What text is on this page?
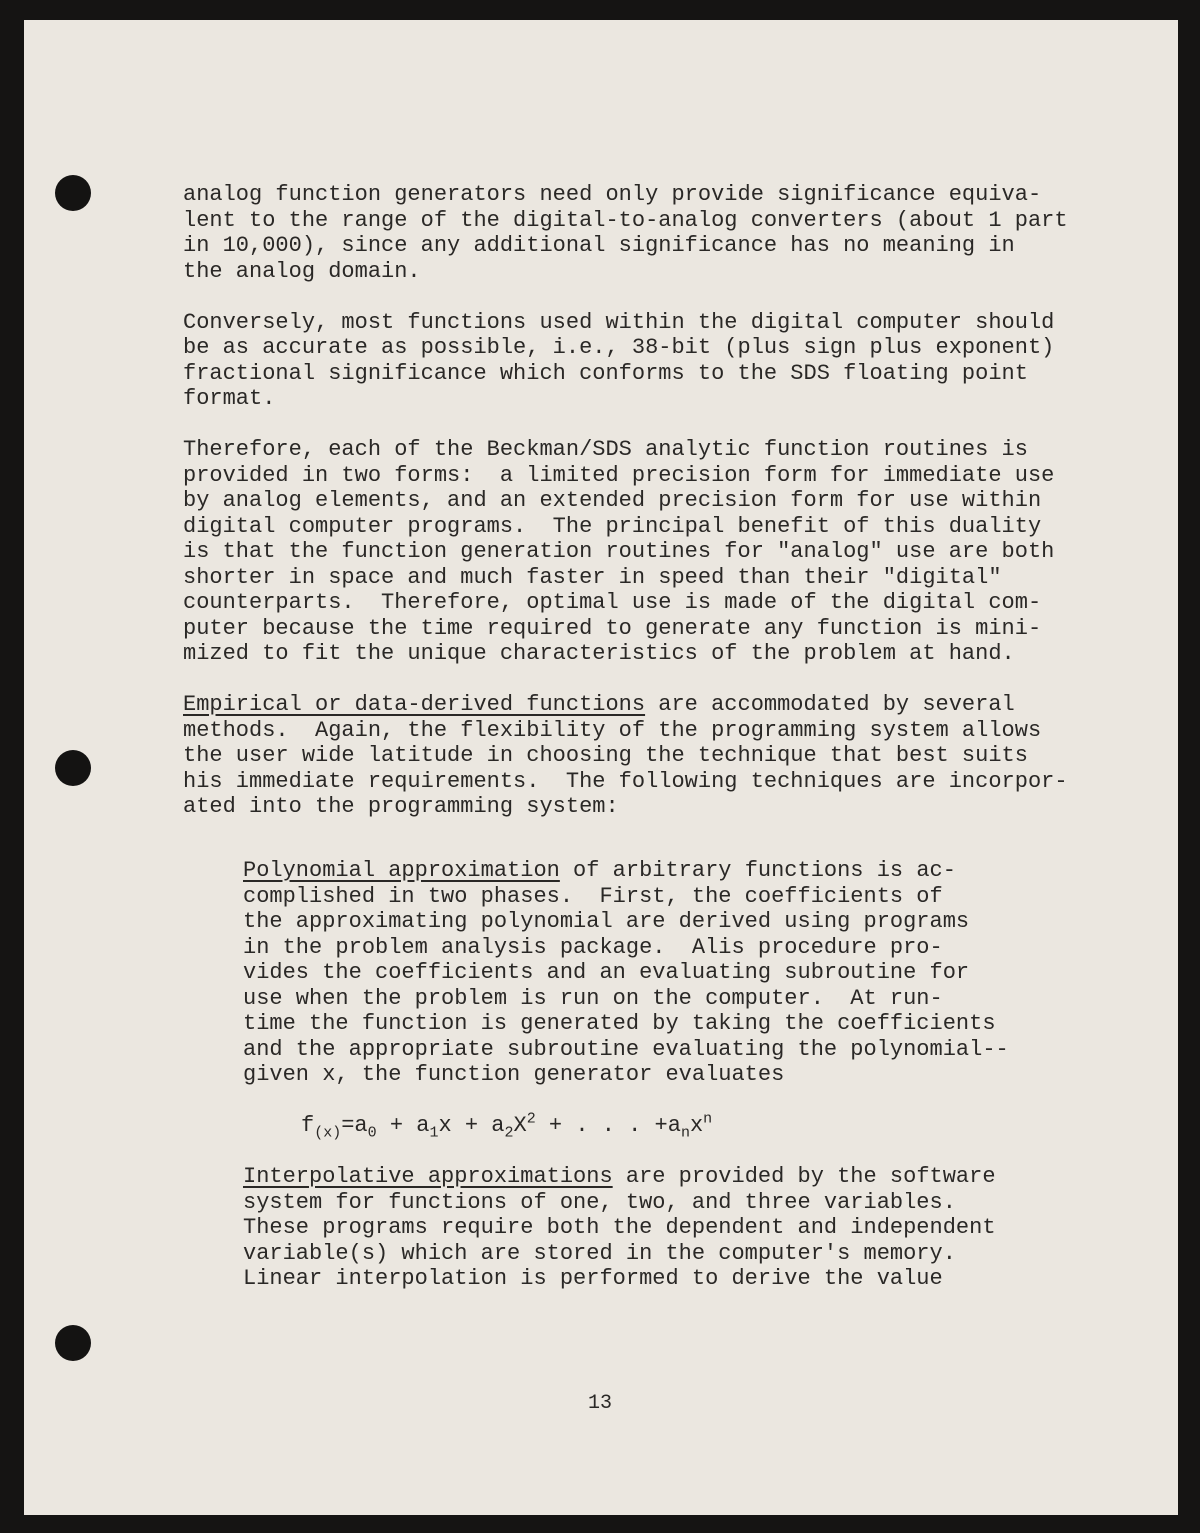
analog function generators need only provide significance equiva-
lent to the range of the digital-to-analog converters (about 1 part
in 10,000), since any additional significance has no meaning in
the analog domain.
Conversely, most functions used within the digital computer should
be as accurate as possible, i.e., 38-bit (plus sign plus exponent)
fractional significance which conforms to the SDS floating point
format.
Therefore, each of the Beckman/SDS analytic function routines is
provided in two forms:  a limited precision form for immediate use
by analog elements, and an extended precision form for use within
digital computer programs.  The principal benefit of this duality
is that the function generation routines for "analog" use are both
shorter in space and much faster in speed than their "digital"
counterparts.  Therefore, optimal use is made of the digital com-
puter because the time required to generate any function is mini-
mized to fit the unique characteristics of the problem at hand.
Empirical or data-derived functions are accommodated by several
methods.  Again, the flexibility of the programming system allows
the user wide latitude in choosing the technique that best suits
his immediate requirements.  The following techniques are incorpor-
ated into the programming system:
Polynomial approximation of arbitrary functions is ac-
complished in two phases.  First, the coefficients of
the approximating polynomial are derived using programs
in the problem analysis package.  Alis procedure pro-
vides the coefficients and an evaluating subroutine for
use when the problem is run on the computer.  At run-
time the function is generated by taking the coefficients
and the appropriate subroutine evaluating the polynomial--
given x, the function generator evaluates
$f_{(x)}=a_0 + a_1x + a_2X^2$ + . . . $+a_nx^n$
Interpolative approximations are provided by the software
system for functions of one, two, and three variables.
These programs require both the dependent and independent
variable(s) which are stored in the computer's memory.
Linear interpolation is performed to derive the value
13
